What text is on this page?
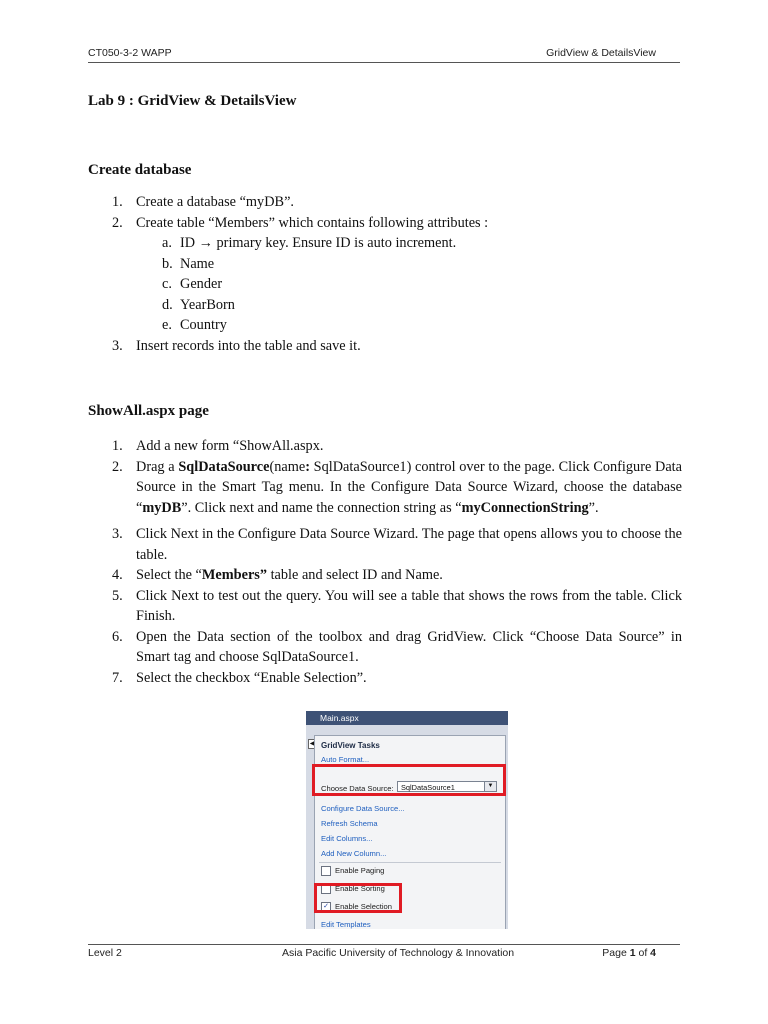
CT050-3-2 WAPP	GridView & DetailsView
Lab 9 : GridView & DetailsView
Create database
1. Create a database “myDB”.
2. Create table “Members” which contains following attributes :
a. ID → primary key. Ensure ID is auto increment.
b. Name
c. Gender
d. YearBorn
e. Country
3. Insert records into the table and save it.
ShowAll.aspx page
1. Add a new form “ShowAll.aspx.
2. Drag a SqlDataSource(name: SqlDataSource1) control over to the page. Click Configure Data Source in the Smart Tag menu. In the Configure Data Source Wizard, choose the database “myDB”. Click next and name the connection string as “myConnectionString”.
3. Click Next in the Configure Data Source Wizard. The page that opens allows you to choose the table.
4. Select the “Members” table and select ID and Name.
5. Click Next to test out the query. You will see a table that shows the rows from the table. Click Finish.
6. Open the Data section of the toolbox and drag GridView. Click “Choose Data Source” in Smart tag and choose SqlDataSource1.
7. Select the checkbox “Enable Selection”.
Main.aspx
◀ GridView Tasks
Auto Format...
Choose Data Source: SqlDataSource1	▼
Configure Data Source...
Refresh Schema
Edit Columns...
Add New Column...
Enable Paging
Enable Sorting
✓ Enable Selection
Edit Templates
Level 2	Asia Pacific University of Technology & Innovation	Page 1 of 4
